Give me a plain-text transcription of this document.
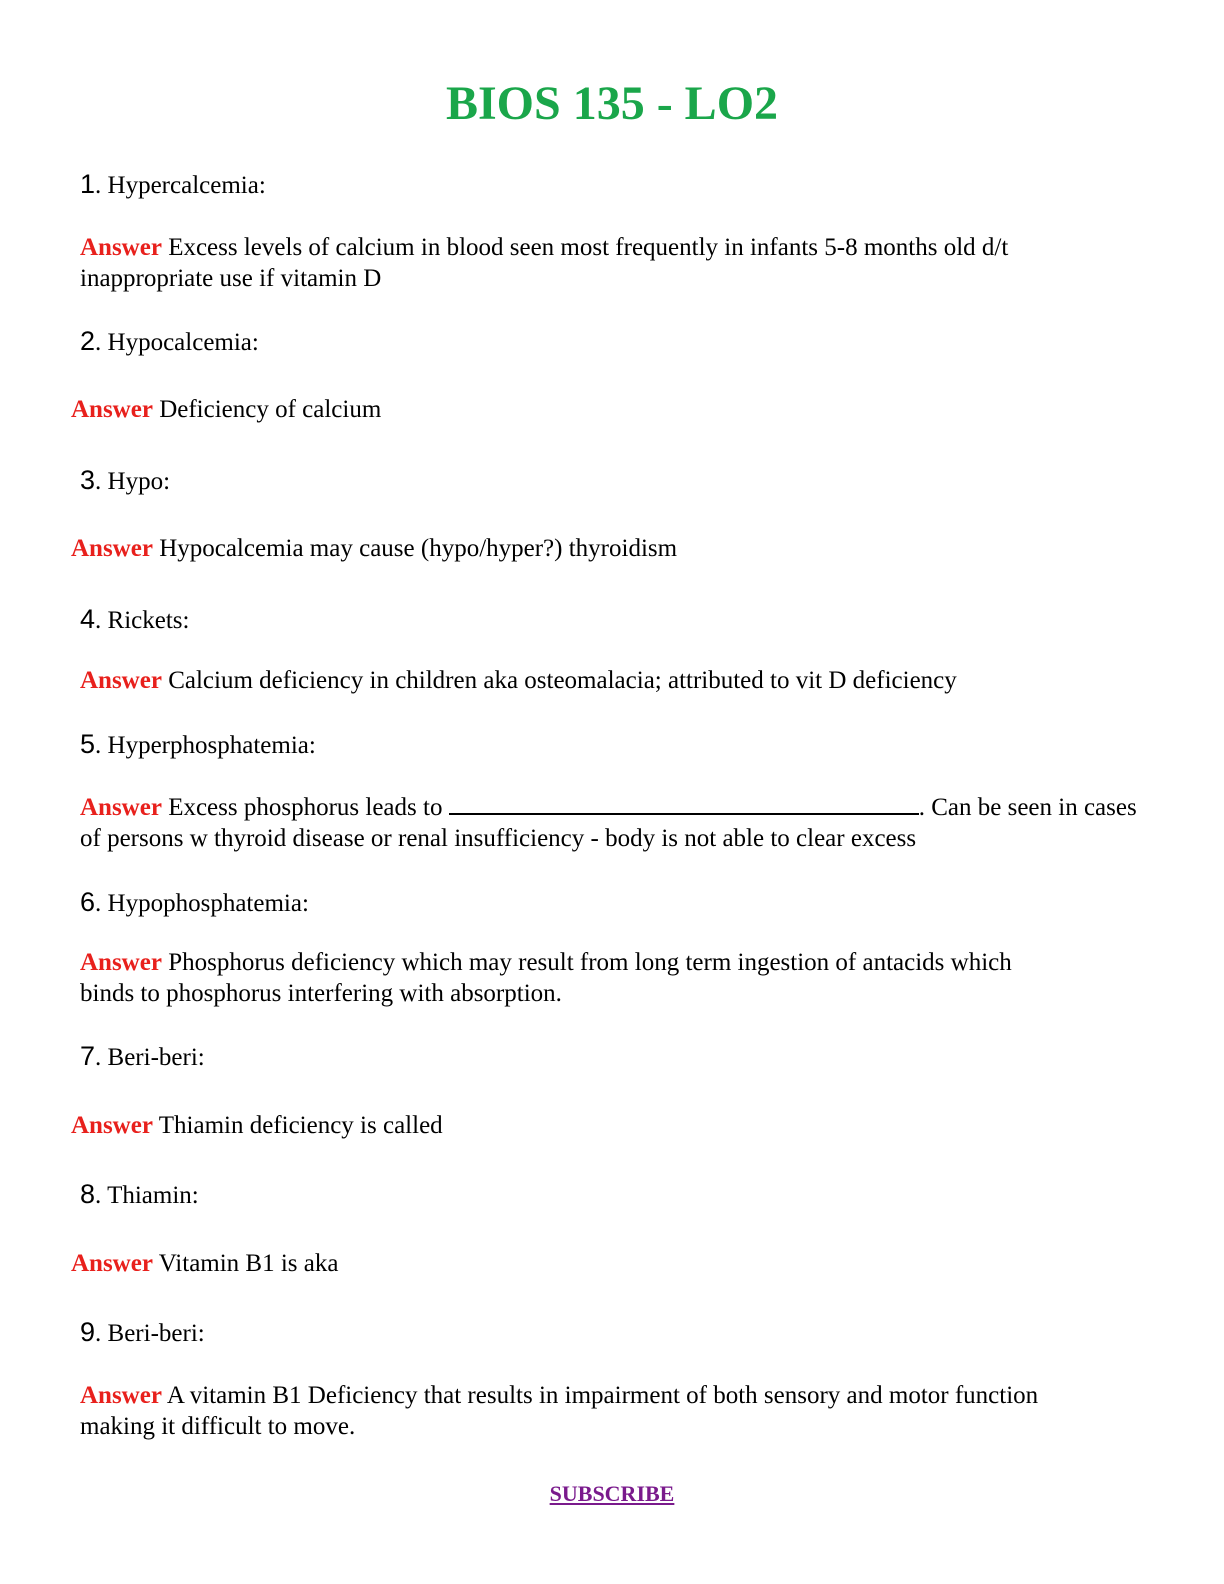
BIOS 135 - LO2
1. Hypercalcemia:
Answer Excess levels of calcium in blood seen most frequently in infants 5-8 months old d/t inappropriate use if vitamin D
2. Hypocalcemia:
Answer Deficiency of calcium
3. Hypo:
Answer Hypocalcemia may cause (hypo/hyper?) thyroidism
4. Rickets:
Answer Calcium deficiency in children aka osteomalacia; attributed to vit D deficiency
5. Hyperphosphatemia:
Answer Excess phosphorus leads to	. Can be seen in cases of persons w thyroid disease or renal insufficiency - body is not able to clear excess
6. Hypophosphatemia:
Answer Phosphorus deficiency which may result from long term ingestion of antacids which binds to phosphorus interfering with absorption.
7. Beri-beri:
Answer Thiamin deficiency is called
8. Thiamin:
Answer Vitamin B1 is aka
9. Beri-beri:
Answer A vitamin B1 Deficiency that results in impairment of both sensory and motor function making it difficult to move.
SUBSCRIBE
